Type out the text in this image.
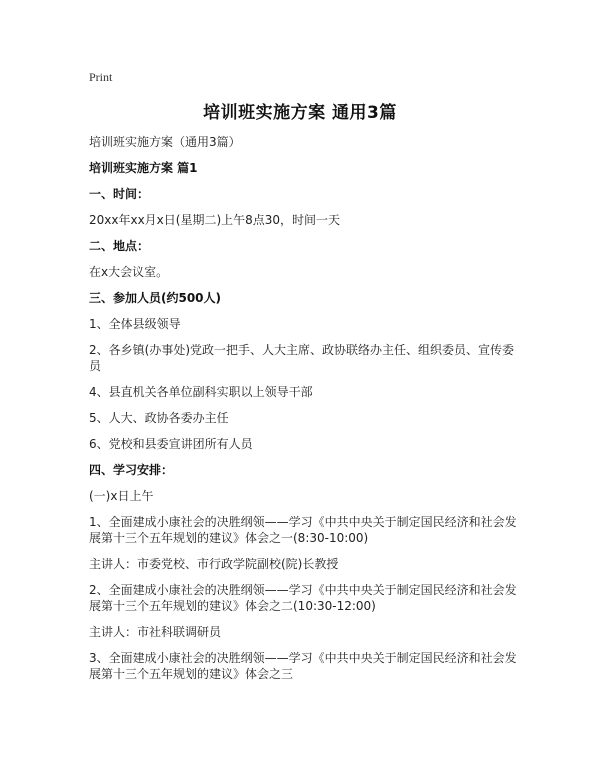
Print
培训班实施方案 通用3篇

培训班实施方案（通用3篇）

培训班实施方案 篇1

一、时间：

20xx年xx月x日(星期二)上午8点30，时间一天

二、地点：

在x大会议室。

三、参加人员(约500人)

1、全体县级领导

2、各乡镇(办事处)党政一把手、人大主席、政协联络办主任、组织委员、宣传委员

4、县直机关各单位副科实职以上领导干部

5、人大、政协各委办主任

6、党校和县委宣讲团所有人员

四、学习安排：

(一)x日上午

1、全面建成小康社会的决胜纲领——学习《中共中央关于制定国民经济和社会发展第十三个五年规划的建议》体会之一(8:30-10:00)

主讲人：市委党校、市行政学院副校(院)长教授

2、全面建成小康社会的决胜纲领——学习《中共中央关于制定国民经济和社会发展第十三个五年规划的建议》体会之二(10:30-12:00)

主讲人：市社科联调研员

3、全面建成小康社会的决胜纲领——学习《中共中央关于制定国民经济和社会发展第十三个五年规划的建议》体会之三
